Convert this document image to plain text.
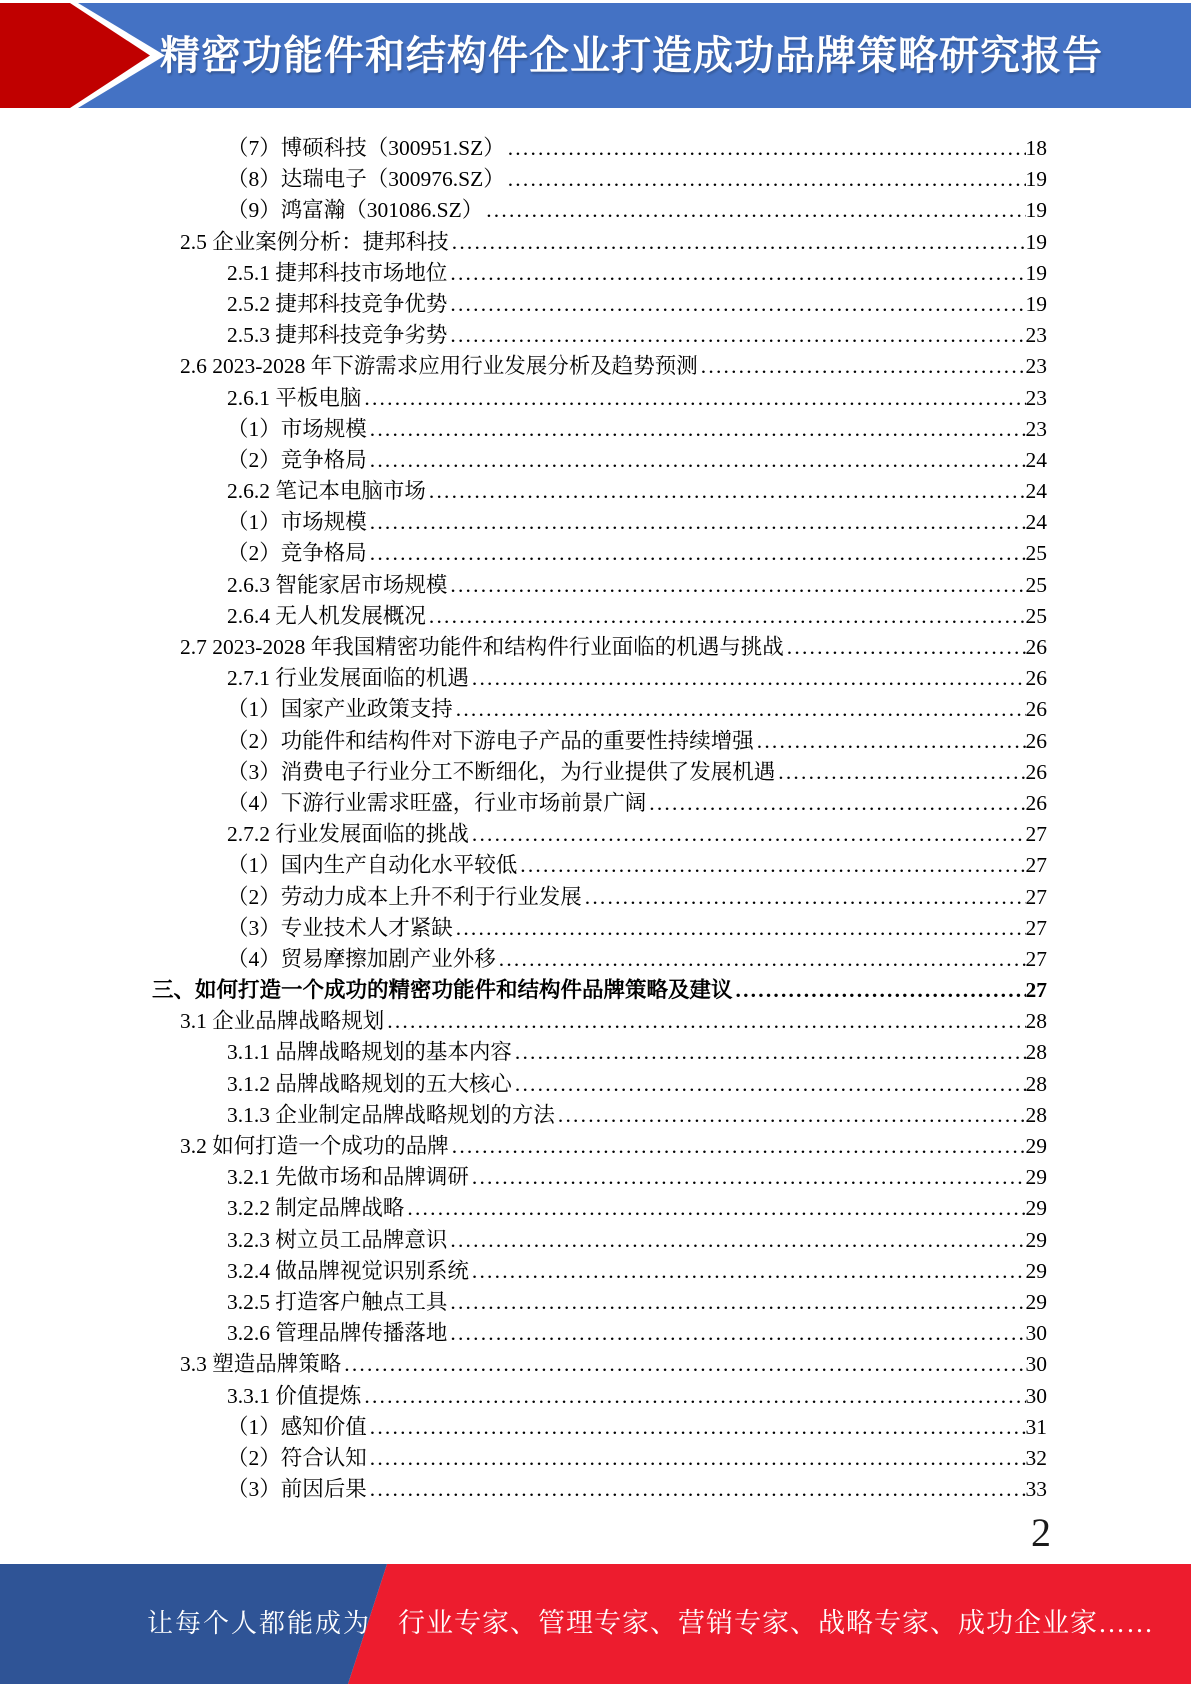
精密功能件和结构件企业打造成功品牌策略研究报告
（7）博硕科技（300951.SZ） .....	18
（8）达瑞电子（300976.SZ） .....	19
（9）鸿富瀚（301086.SZ） .....	19
2.5 企业案例分析：捷邦科技 .....	19
2.5.1 捷邦科技市场地位 .....	19
2.5.2 捷邦科技竞争优势 .....	19
2.5.3 捷邦科技竞争劣势 .....	23
2.6 2023-2028 年下游需求应用行业发展分析及趋势预测 .....	23
2.6.1 平板电脑 .....	23
（1）市场规模 .....	23
（2）竞争格局 .....	24
2.6.2 笔记本电脑市场 .....	24
（1）市场规模 .....	24
（2）竞争格局 .....	25
2.6.3 智能家居市场规模 .....	25
2.6.4 无人机发展概况 .....	25
2.7 2023-2028 年我国精密功能件和结构件行业面临的机遇与挑战 .....	26
2.7.1 行业发展面临的机遇 .....	26
（1）国家产业政策支持 .....	26
（2）功能件和结构件对下游电子产品的重要性持续增强 .....	26
（3）消费电子行业分工不断细化，为行业提供了发展机遇 .....	26
（4）下游行业需求旺盛，行业市场前景广阔 .....	26
2.7.2 行业发展面临的挑战 .....	27
（1）国内生产自动化水平较低 .....	27
（2）劳动力成本上升不利于行业发展 .....	27
（3）专业技术人才紧缺 .....	27
（4）贸易摩擦加剧产业外移 .....	27
三、如何打造一个成功的精密功能件和结构件品牌策略及建议 .....	27
3.1 企业品牌战略规划 .....	28
3.1.1 品牌战略规划的基本内容 .....	28
3.1.2 品牌战略规划的五大核心 .....	28
3.1.3 企业制定品牌战略规划的方法 .....	28
3.2 如何打造一个成功的品牌 .....	29
3.2.1 先做市场和品牌调研 .....	29
3.2.2 制定品牌战略 .....	29
3.2.3 树立员工品牌意识 .....	29
3.2.4 做品牌视觉识别系统 .....	29
3.2.5 打造客户触点工具 .....	29
3.2.6 管理品牌传播落地 .....	30
3.3 塑造品牌策略 .....	30
3.3.1 价值提炼 .....	30
（1）感知价值 .....	31
（2）符合认知 .....	32
（3）前因后果 .....	33
2
让每个人都能成为 行业专家、管理专家、营销专家、战略专家、成功企业家……
